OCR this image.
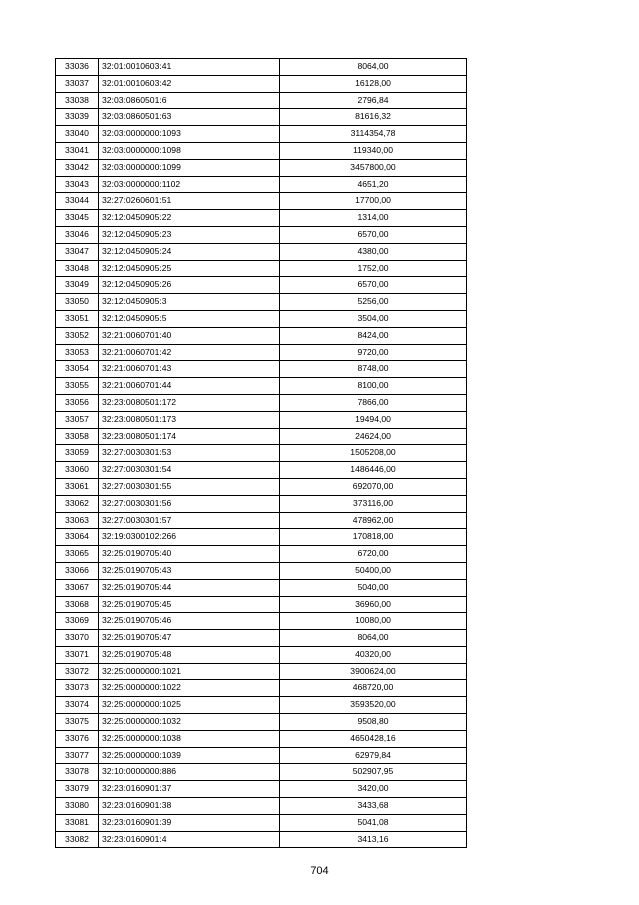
33036	32:01:0010603:41	8064,00
33037	32:01:0010603:42	16128,00
33038	32:03:0860501:6	2796,84
33039	32:03:0860501:63	81616,32
33040	32:03:0000000:1093	3114354,78
33041	32:03:0000000:1098	119340,00
33042	32:03:0000000:1099	3457800,00
33043	32:03:0000000:1102	4651,20
33044	32:27:0260601:51	17700,00
33045	32:12:0450905:22	1314,00
33046	32:12:0450905:23	6570,00
33047	32:12:0450905:24	4380,00
33048	32:12:0450905:25	1752,00
33049	32:12:0450905:26	6570,00
33050	32:12:0450905:3	5256,00
33051	32:12:0450905:5	3504,00
33052	32:21:0060701:40	8424,00
33053	32:21:0060701:42	9720,00
33054	32:21:0060701:43	8748,00
33055	32:21:0060701:44	8100,00
33056	32:23:0080501:172	7866,00
33057	32:23:0080501:173	19494,00
33058	32:23:0080501:174	24624,00
33059	32:27:0030301:53	1505208,00
33060	32:27:0030301:54	1486446,00
33061	32:27:0030301:55	692070,00
33062	32:27:0030301:56	373116,00
33063	32:27:0030301:57	478962,00
33064	32:19:0300102:266	170818,00
33065	32:25:0190705:40	6720,00
33066	32:25:0190705:43	50400,00
33067	32:25:0190705:44	5040,00
33068	32:25:0190705:45	36960,00
33069	32:25:0190705:46	10080,00
33070	32:25:0190705:47	8064,00
33071	32:25:0190705:48	40320,00
33072	32:25:0000000:1021	3900624,00
33073	32:25:0000000:1022	468720,00
33074	32:25:0000000:1025	3593520,00
33075	32:25:0000000:1032	9508,80
33076	32:25:0000000:1038	4650428,16
33077	32:25:0000000:1039	62979,84
33078	32:10:0000000:886	502907,95
33079	32:23:0160901:37	3420,00
33080	32:23:0160901:38	3433,68
33081	32:23:0160901:39	5041,08
33082	32:23:0160901:4	3413,16
704
